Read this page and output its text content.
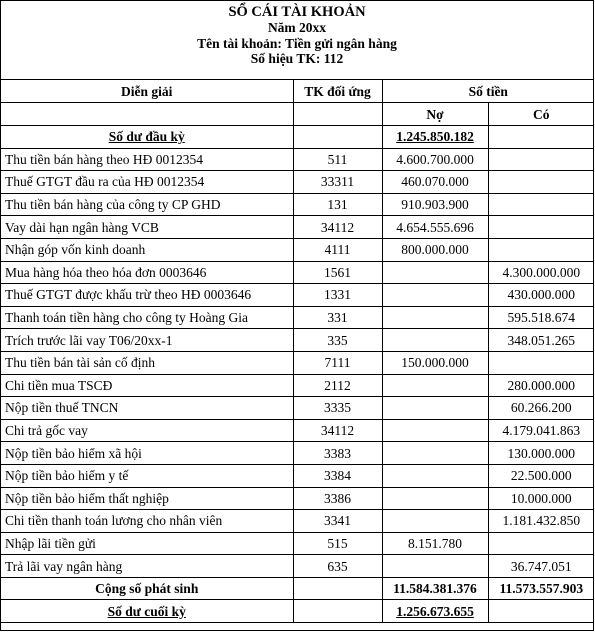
SỔ CÁI TÀI KHOẢN
Năm 20xx
Tên tài khoản: Tiền gửi ngân hàng
Số hiệu TK: 112
Diễn giải	TK đối ứng	Số tiền	
		Nợ	Có
Số dư đầu kỳ		1.245.850.182	
Thu tiền bán hàng theo HĐ 0012354	511	4.600.700.000	
Thuế GTGT đầu ra của HĐ 0012354	33311	460.070.000	
Thu tiền bán hàng của công ty CP GHD	131	910.903.900	
Vay dài hạn ngân hàng VCB	34112	4.654.555.696	
Nhận góp vốn kinh doanh	4111	800.000.000	
Mua hàng hóa theo hóa đơn 0003646	1561		4.300.000.000
Thuế GTGT được khấu trừ theo HĐ 0003646	1331		430.000.000
Thanh toán tiền hàng cho công ty Hoàng Gia	331		595.518.674
Trích trước lãi vay T06/20xx-1	335		348.051.265
Thu tiền bán tài sản cố định	7111	150.000.000	
Chi tiền mua TSCĐ	2112		280.000.000
Nộp tiền thuế TNCN	3335		60.266.200
Chi trả gốc vay	34112		4.179.041.863
Nộp tiền bảo hiểm xã hội	3383		130.000.000
Nộp tiền bảo hiểm y tế	3384		22.500.000
Nộp tiền bảo hiểm thất nghiệp	3386		10.000.000
Chi tiền thanh toán lương cho nhân viên	3341		1.181.432.850
Nhập lãi tiền gửi	515	8.151.780	
Trả lãi vay ngân hàng	635		36.747.051
Cộng số phát sinh		11.584.381.376	11.573.557.903
Số dư cuối kỳ		1.256.673.655	
